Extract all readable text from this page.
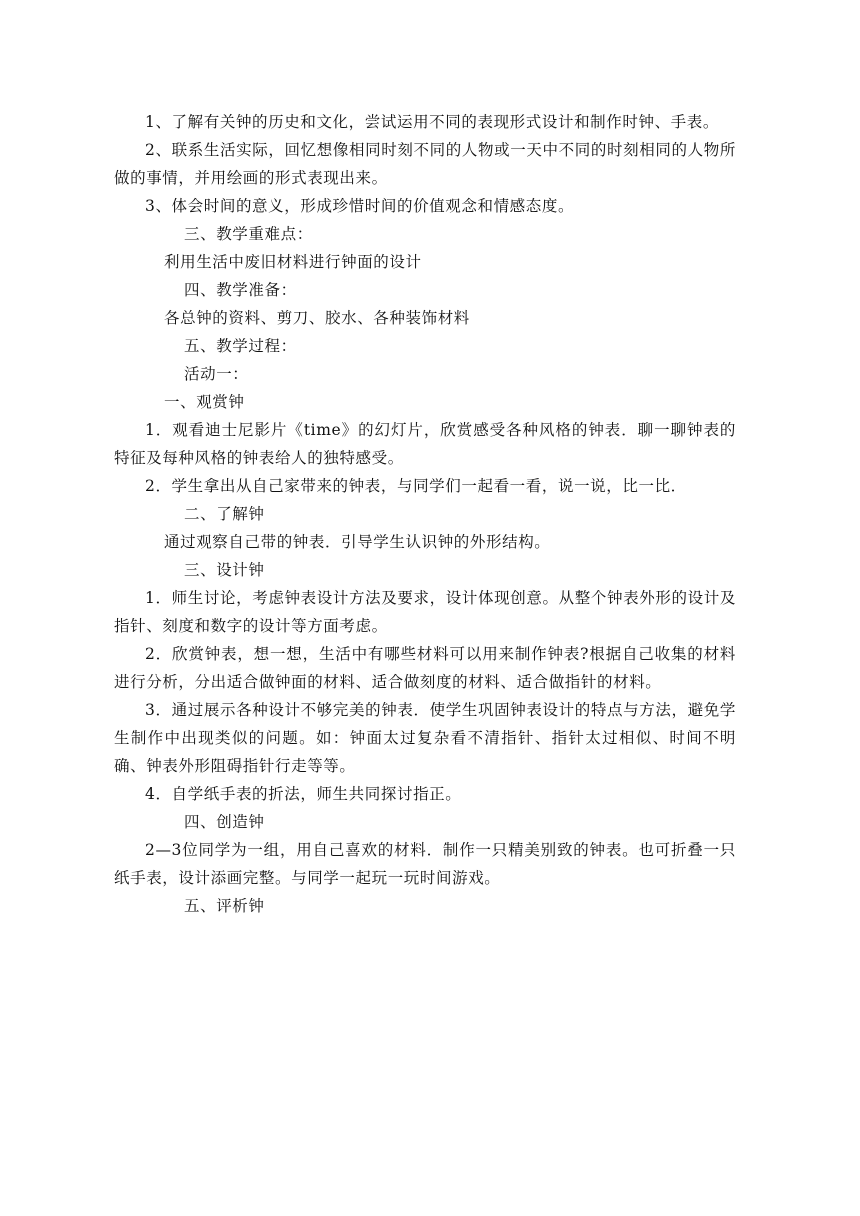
1、了解有关钟的历史和文化，尝试运用不同的表现形式设计和制作时钟、手表。

2、联系生活实际，回忆想像相同时刻不同的人物或一天中不同的时刻相同的人物所做的事情，并用绘画的形式表现出来。

3、体会时间的意义，形成珍惜时间的价值观念和情感态度。

三、教学重难点：

利用生活中废旧材料进行钟面的设计

四、教学准备：

各总钟的资料、剪刀、胶水、各种装饰材料

五、教学过程：

活动一：

一、观赏钟

1．观看迪士尼影片《time》的幻灯片，欣赏感受各种风格的钟表．聊一聊钟表的特征及每种风格的钟表给人的独特感受。

2．学生拿出从自己家带来的钟表，与同学们一起看一看，说一说，比一比．

二、了解钟

通过观察自己带的钟表．引导学生认识钟的外形结构。

三、设计钟

1．师生讨论，考虑钟表设计方法及要求，设计体现创意。从整个钟表外形的设计及指针、刻度和数字的设计等方面考虑。

2．欣赏钟表，想一想，生活中有哪些材料可以用来制作钟表?根据自己收集的材料进行分析，分出适合做钟面的材料、适合做刻度的材料、适合做指针的材料。

3．通过展示各种设计不够完美的钟表．使学生巩固钟表设计的特点与方法，避免学生制作中出现类似的问题。如：钟面太过复杂看不清指针、指针太过相似、时间不明确、钟表外形阻碍指针行走等等。

4．自学纸手表的折法，师生共同探讨指正。

四、创造钟

2—3位同学为一组，用自己喜欢的材料．制作一只精美别致的钟表。也可折叠一只纸手表，设计添画完整。与同学一起玩一玩时间游戏。

五、评析钟
